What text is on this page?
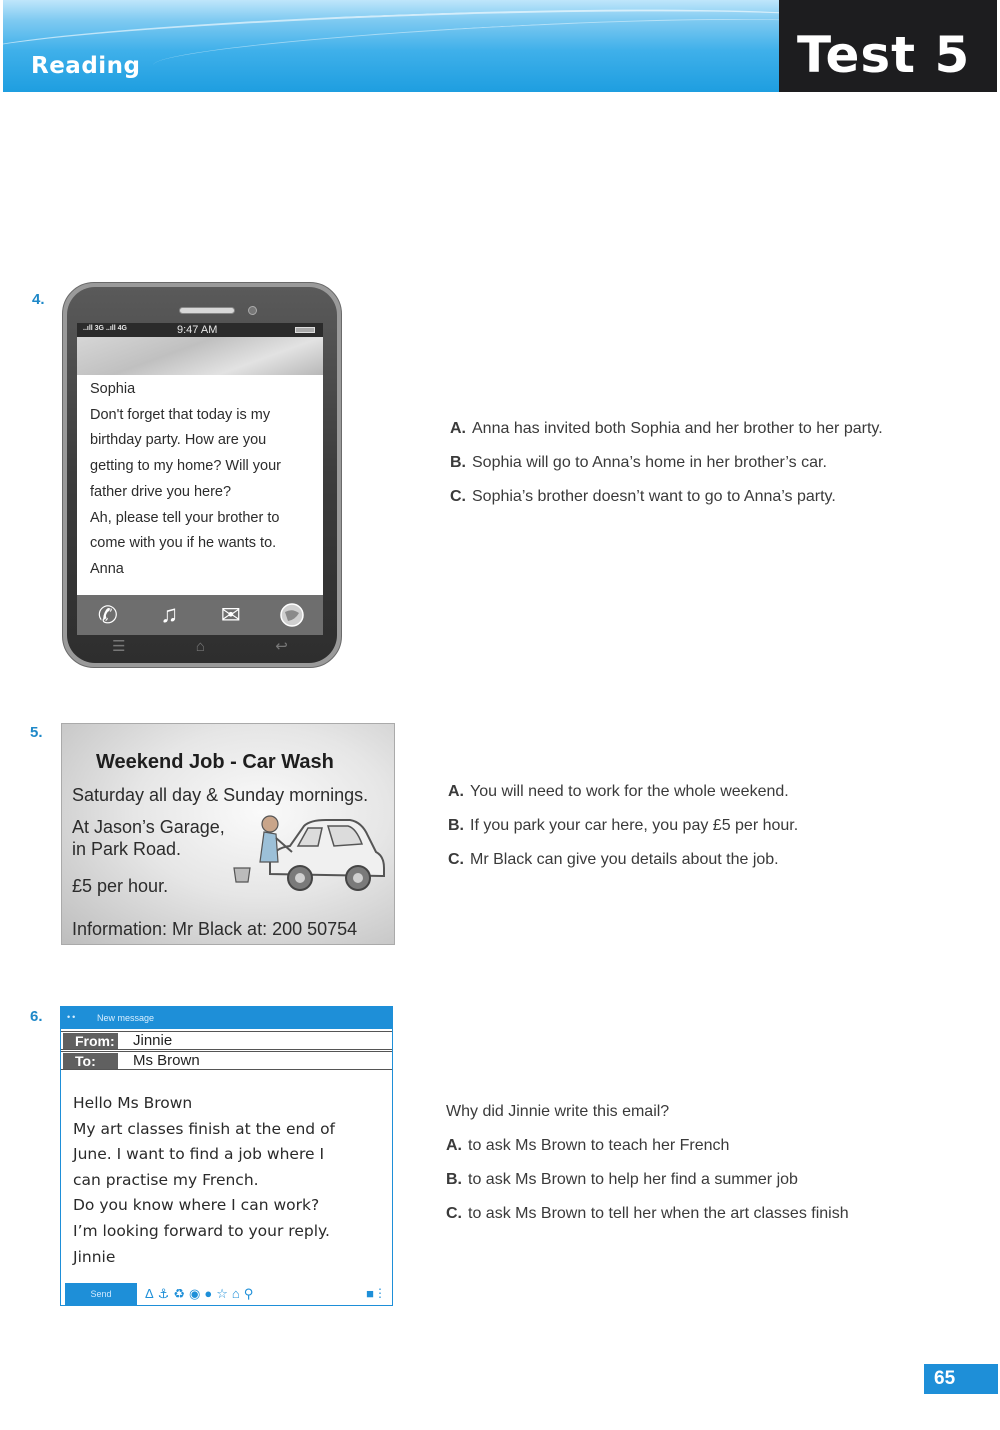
Reading	Test 5
4.
..ıll 3G ..ıll 4G	9:47 AM

Sophia

Don't forget that today is my

birthday party. How are you

getting to my home? Will your

father drive you here?

Ah, please tell your brother to

come with you if he wants to.

Anna

✆ ♫ ✉
☰	⌂	↩
A. Anna has invited both Sophia and her brother to her party.
B. Sophia will go to Anna’s home in her brother’s car.
C. Sophia’s brother doesn’t want to go to Anna’s party.
5.
Weekend Job - Car Wash
Saturday all day & Sunday mornings.
At Jason’s Garage,
in Park Road.
£5 per hour.
Information: Mr Black at: 200 50754
A. You will need to work for the whole weekend.
B. If you park your car here, you pay £5 per hour.
C. Mr Black can give you details about the job.
6.	•• New message
From: Jinnie
To:	Ms Brown

Hello Ms Brown

My art classes finish at the end of

June. I want to find a job where I

can practise my French.

Do you know where I can work?

I’m looking forward to your reply.

Jinnie

Send	Δ⚓♻◉●☆⌂⚲	■ ⋮
Why did Jinnie write this email?
A. to ask Ms Brown to teach her French
B. to ask Ms Brown to help her find a summer job
C. to ask Ms Brown to tell her when the art classes finish
65
